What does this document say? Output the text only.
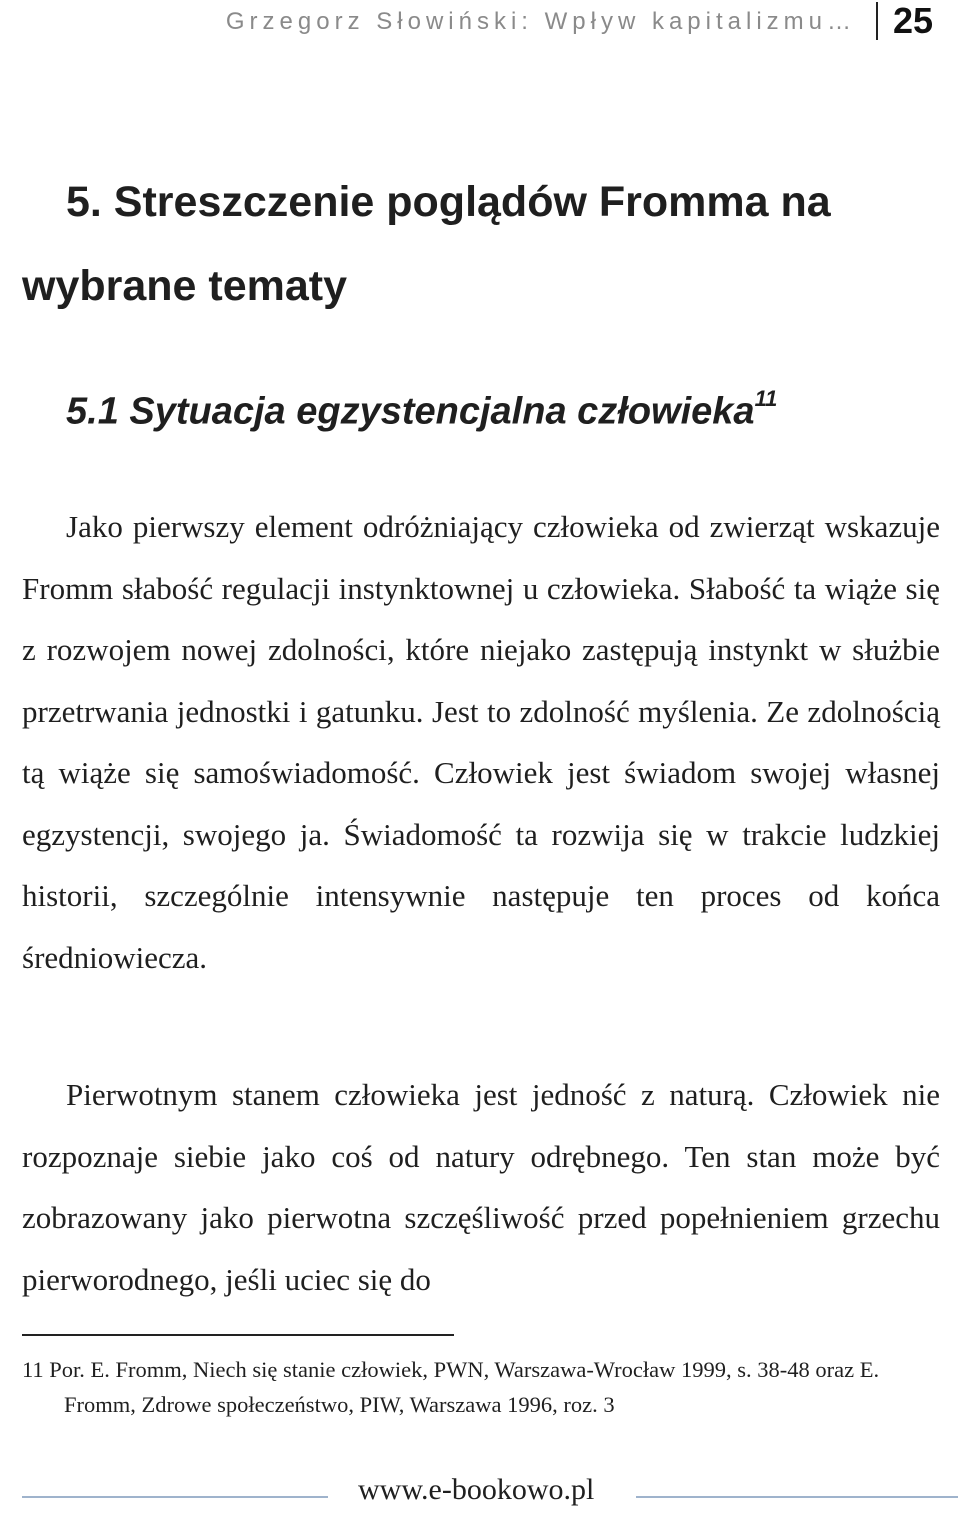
Grzegorz Słowiński: Wpływ kapitalizmu… 25
5. Streszczenie poglądów Fromma na wybrane tematy
5.1 Sytuacja egzystencjalna człowieka$^{11}$

Jako pierwszy element odróżniający człowieka od zwierząt wskazuje Fromm słabość regulacji instynktownej u człowieka. Słabość ta wiąże się z rozwojem nowej zdolności, które niejako zastępują instynkt w służbie przetrwania jednostki i gatunku. Jest to zdolność myślenia. Ze zdolnością tą wiąże się samoświadomość. Człowiek jest świadom swojej własnej egzystencji, swojego ja. Świadomość ta rozwija się w trakcie ludzkiej historii, szczególnie intensywnie następuje ten proces od końca średniowiecza.

Pierwotnym stanem człowieka jest jedność z naturą. Człowiek nie rozpoznaje siebie jako coś od natury odrębnego. Ten stan może być zobrazowany jako pierwotna szczęśliwość przed popełnieniem grzechu pierworodnego, jeśli uciec się do

11 Por. E. Fromm, Niech się stanie człowiek, PWN, Warszawa-Wrocław 1999, s. 38-48 oraz E. Fromm, Zdrowe społeczeństwo, PIW, Warszawa 1996, roz. 3
www.e-bookowo.pl
